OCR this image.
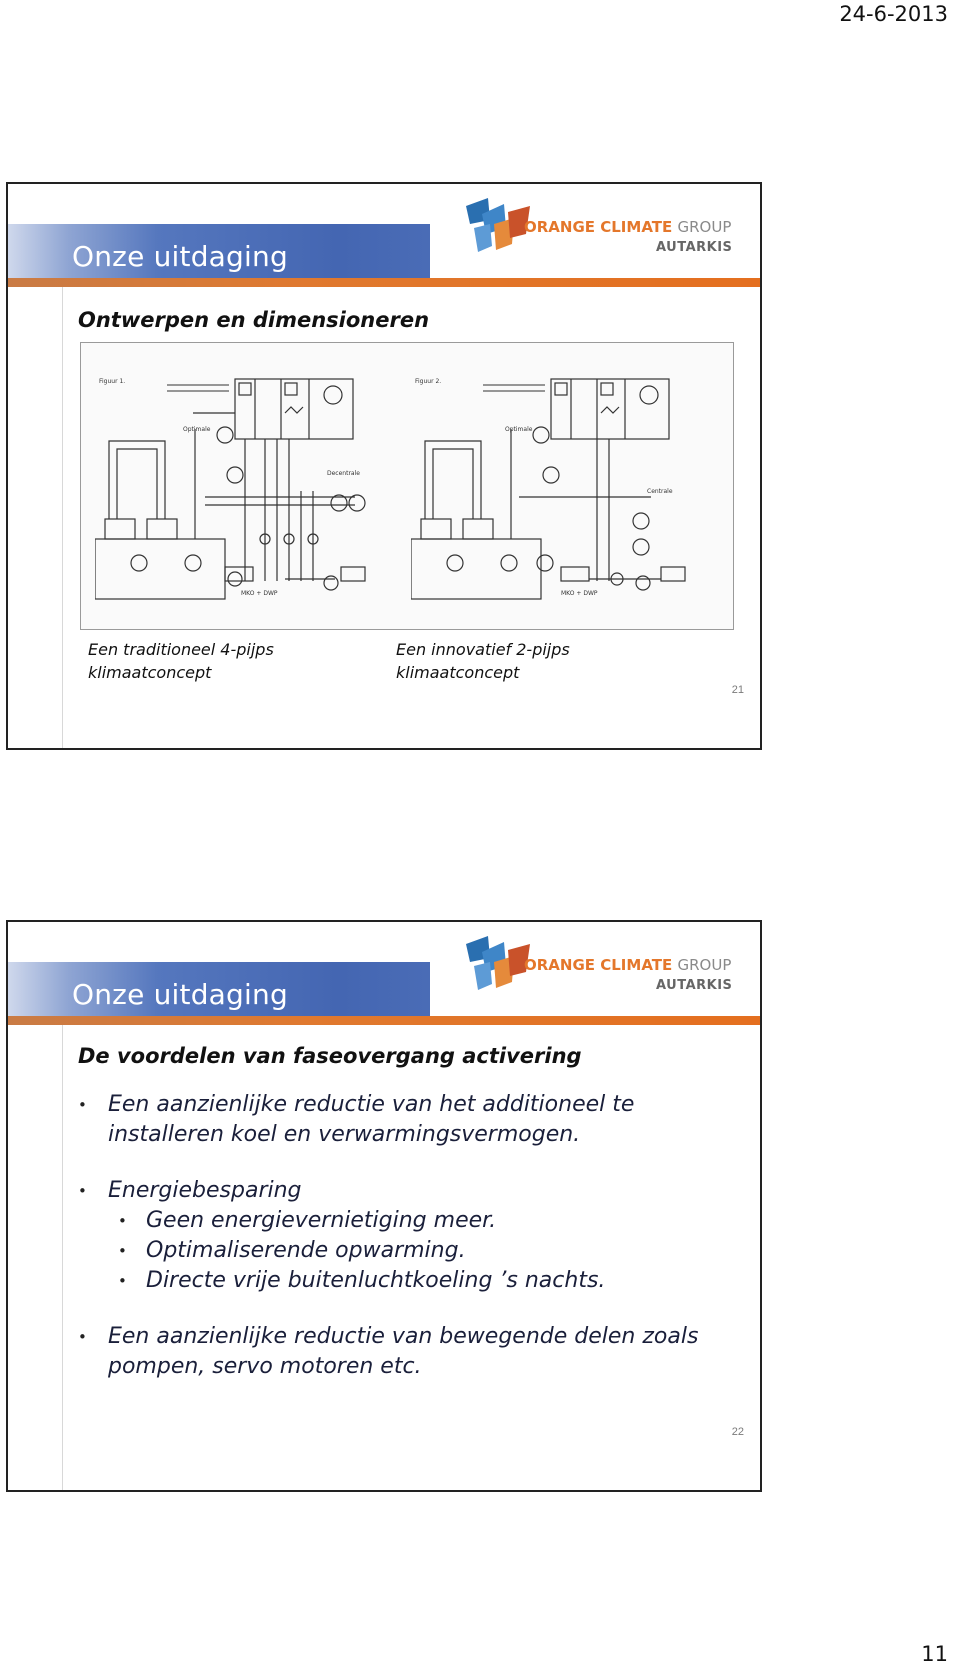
24-6-2013
Onze uitdaging
ORANGE CLIMATE GROUP
AUTARKIS
Ontwerpen en dimensioneren
Figuur 1.
Optimale
Decentrale
MKO + DWP
Figuur 2.
Optimale
Centrale
MKO + DWP
Een traditioneel 4-pijps klimaatconcept
Een innovatief 2-pijps klimaatconcept
21
Onze uitdaging
ORANGE CLIMATE GROUP
AUTARKIS
De voordelen van faseovergang activering
• Een aanzienlijke reductie van het additioneel te installeren koel en verwarmingsvermogen.
• Energiebesparing
• Geen energievernietiging meer.
• Optimaliserende opwarming.
• Directe vrije buitenluchtkoeling ’s nachts.
• Een aanzienlijke reductie van bewegende delen zoals pompen, servo motoren etc.
22
11
